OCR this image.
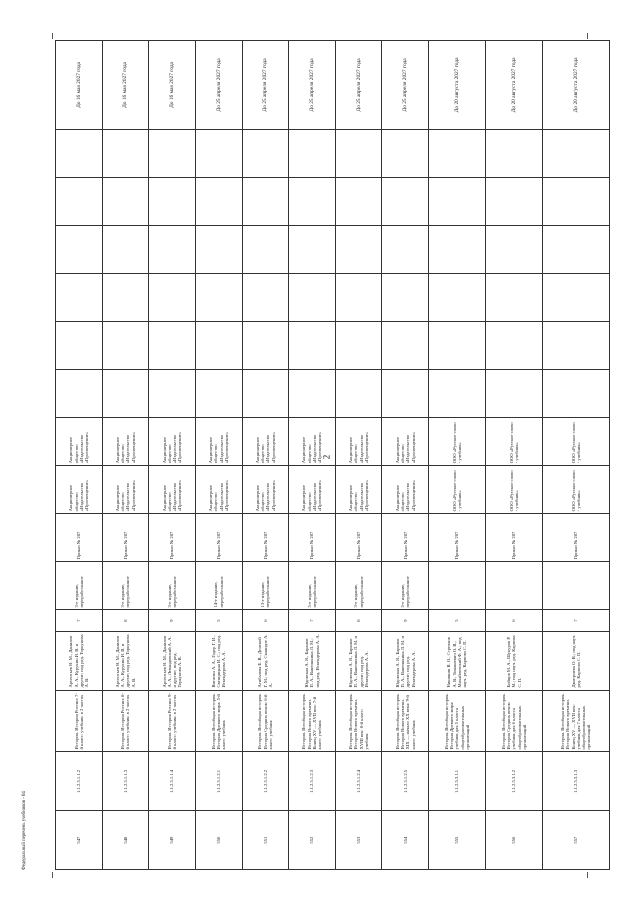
2
547	1.1.2.5.1.1.2	История. История России: 7-й класс: учебник: в 2 частях	Арсентьев Н. М., Данилов А. А., Курукин И. В. и другие; под ред. Торкунова А. В.	7	3-е издание, переработанное	Приказ № 287	Акционерное общество «Издательство «Просвещение»	Акционерное общество «Издательство «Просвещение»							До 16 мая 2027 года
548	1.1.2.5.1.1.3	История. История России: 8-й класс: учебник: в 2 частях	Арсентьев Н. М., Данилов А. А., Курукин И. В. и другие; под ред. Торкунова А. В.	8	3-е издание, переработанное	Приказ № 287	Акционерное общество «Издательство «Просвещение»	Акционерное общество «Издательство «Просвещение»							До 16 мая 2027 года
549	1.1.2.5.1.1.4	История. История России: 9-й класс: учебник: в 2 частях	Арсентьев Н. М., Данилов А. А., Левандовский А. А. и другие; под ред. Торкунова А. В.	9	3-е издание, переработанное	Приказ № 287	Акционерное общество «Издательство «Просвещение»	Акционерное общество «Издательство «Просвещение»							До 16 мая 2027 года
550	1.1.2.5.1.2.1	История. Всеобщая история. История Древнего мира: 5-й класс: учебник	Вигасин А. А., Годер Г. И., Свенцицкая И. С.; под ред. Искендерова А. А.	5	14-е издание, переработанное	Приказ № 287	Акционерное общество «Издательство «Просвещение»	Акционерное общество «Издательство «Просвещение»							До 25 апреля 2027 года
551	1.1.2.5.1.2.2	История. Всеобщая история. История Средних веков: 6-й класс: учебник	Агибалова Е. В., Донской Г. М.; под ред. Сванидзе А. А.	6	13-е издание, переработанное	Приказ № 287	Акционерное общество «Издательство «Просвещение»	Акционерное общество «Издательство «Просвещение»							До 25 апреля 2027 года
552	1.1.2.5.1.2.3	История. Всеобщая история. История Нового времени. Конец XV — XVII век: 7-й класс: учебник	Юдовская А. Я., Баранов П. А., Ванюшкина Л. М.; под ред. Искендерова А. А.	7	5-е издание, переработанное	Приказ № 287	Акционерное общество «Издательство «Просвещение»	Акционерное общество «Издательство «Просвещение»							До 25 апреля 2027 года
553	1.1.2.5.1.2.4	История. Всеобщая история. История Нового времени. XVIII век: 8-й класс: учебник	Юдовская А. Я., Баранов П. А., Ванюшкина Л. М. и другие; под ред. Искендерова А. А.	8	3-е издание, переработанное	Приказ № 287	Акционерное общество «Издательство «Просвещение»	Акционерное общество «Издательство «Просвещение»							До 25 апреля 2027 года
554	1.1.2.5.1.2.5	История. Всеобщая история. История Нового времени. XIX — начало XX века: 9-й класс: учебник	Юдовская А. Я., Баранов П. А., Ванюшкина Л. М. и другие; под ред. Искендерова А. А.	9	5-е издание, переработанное	Приказ № 287	Акционерное общество «Издательство «Просвещение»	Акционерное общество «Издательство «Просвещение»							До 25 апреля 2027 года
555	1.1.2.5.3.1.1	История. Всеобщая история. История Древнего мира: учебник для 5 класса общеобразовательных организаций	Никишин В. О., Стрелков А. В., Томашевич О. В., Михайловский Ф. А.; под науч. ред. Карпова С. П.	5		Приказ № 287	ООО «Русское слово - учебник»	ООО «Русское слово - учебник»							До 20 августа 2027 года
556	1.1.2.5.3.1.2	История. Всеобщая история. История Средних веков: учебник для 6 класса общеобразовательных организаций	Бойцов М. А., Шукуров Р. М.; под науч. ред. Карпова С. П.	6		Приказ № 287	ООО «Русское слово - учебник»	ООО «Русское слово - учебник»							До 20 августа 2027 года
557	1.1.2.5.3.1.3	История. Всеобщая история. История Нового времени. Конец XV — XVII век: учебник для 7 класса общеобразовательных организаций	Дмитриева О. В.; под науч. ред. Карпова С. П.	7		Приказ № 287	ООО «Русское слово - учебник»	ООО «Русское слово - учебник»							До 20 августа 2027 года
Федеральный перечень учебников - 04
